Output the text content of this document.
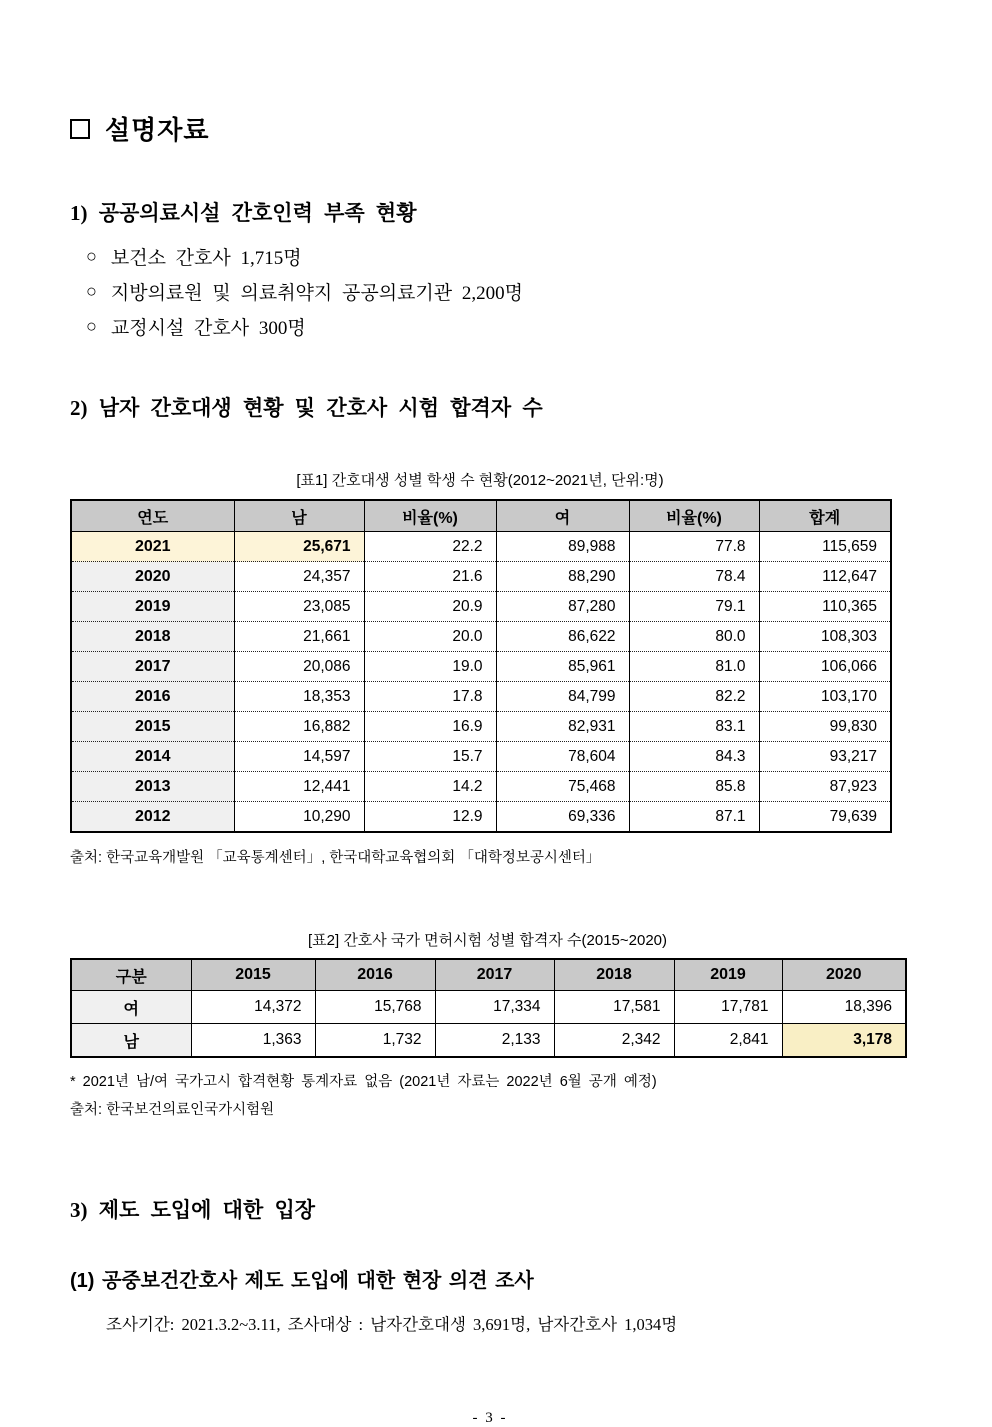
설명자료
1) 공공의료시설 간호인력 부족 현황
○ 보건소 간호사 1,715명
○ 지방의료원 및 의료취약지 공공의료기관 2,200명
○ 교정시설 간호사 300명
2) 남자 간호대생 현황 및 간호사 시험 합격자 수
[표1] 간호대생 성별 학생 수 현황(2012~2021년, 단위:명)
연도	남	비율(%)	여	비율(%)	합계
2021	25,671	22.2	89,988	77.8	115,659
2020	24,357	21.6	88,290	78.4	112,647
2019	23,085	20.9	87,280	79.1	110,365
2018	21,661	20.0	86,622	80.0	108,303
2017	20,086	19.0	85,961	81.0	106,066
2016	18,353	17.8	84,799	82.2	103,170
2015	16,882	16.9	82,931	83.1	99,830
2014	14,597	15.7	78,604	84.3	93,217
2013	12,441	14.2	75,468	85.8	87,923
2012	10,290	12.9	69,336	87.1	79,639
출처: 한국교육개발원 「교육통계센터」, 한국대학교육협의회 「대학정보공시센터」
[표2] 간호사 국가 면허시험 성별 합격자 수(2015~2020)
구분	2015	2016	2017	2018	2019	2020
여	14,372	15,768	17,334	17,581	17,781	18,396
남	1,363	1,732	2,133	2,342	2,841	3,178
* 2021년 남/여 국가고시 합격현황 통계자료 없음 (2021년 자료는 2022년 6월 공개 예정)
출처: 한국보건의료인국가시험원
3) 제도 도입에 대한 입장
(1) 공중보건간호사 제도 도입에 대한 현장 의견 조사
조사기간: 2021.3.2~3.11, 조사대상 : 남자간호대생 3,691명, 남자간호사 1,034명
- 3 -
